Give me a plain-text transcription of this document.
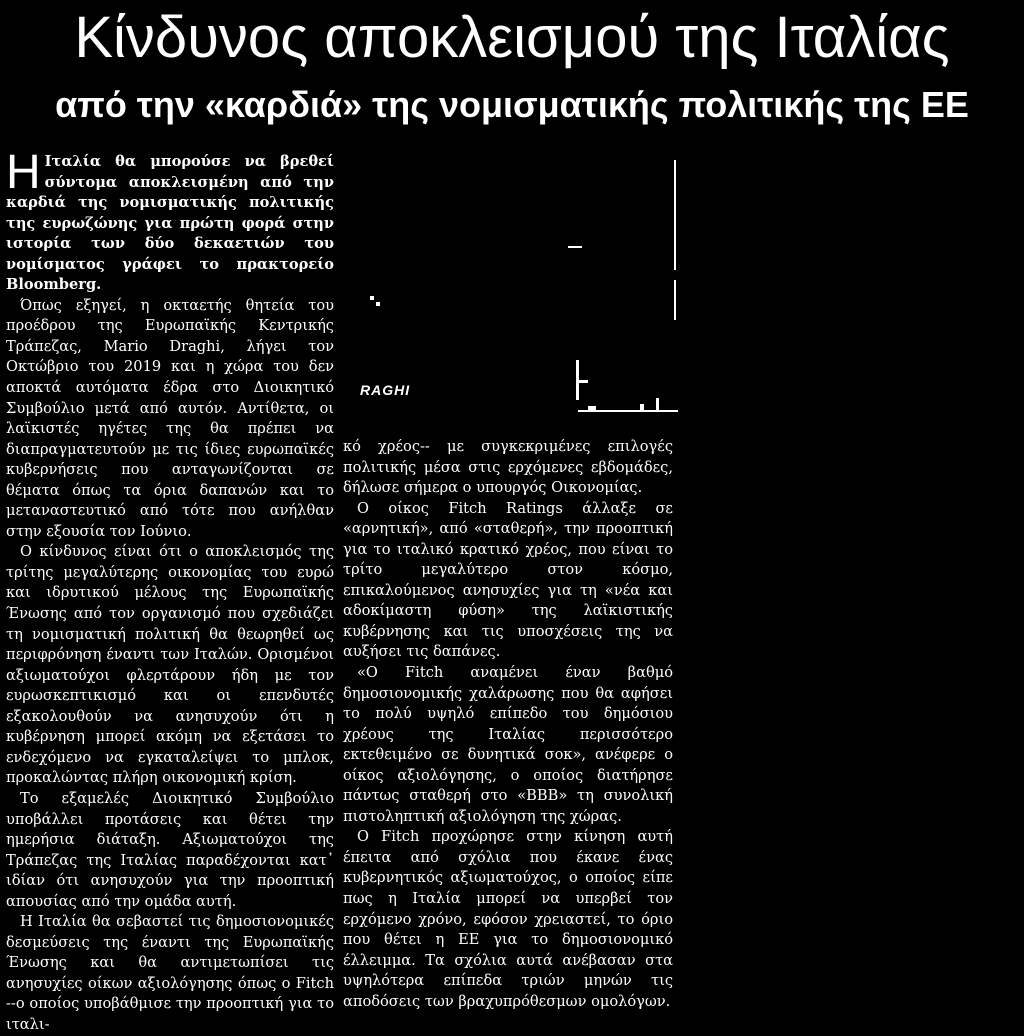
Κίνδυνος αποκλεισμού της Ιταλίας
από την «καρδιά» της νομισματικής πολιτικής της ΕΕ

Η Ιταλία θα μπορούσε να βρεθεί σύντομα αποκλεισμένη από την καρδιά της νομισματικής πολιτικής της ευρωζώνης για πρώτη φορά στην ιστορία των δύο δεκαετιών του νομίσματος γράφει το πρακτορείο Bloomberg.

Όπως εξηγεί, η οκταετής θητεία του προέδρου της Ευρωπαϊκής Κεντρικής Τράπεζας, Mario Draghi, λήγει τον Οκτώβριο του 2019 και η χώρα του δεν αποκτά αυτόματα έδρα στο Διοικητικό Συμβούλιο μετά από αυτόν. Αντίθετα, οι λαϊκιστές ηγέτες της θα πρέπει να διαπραγματευτούν με τις ίδιες ευρωπαϊκές κυβερνήσεις που ανταγωνίζονται σε θέματα όπως τα όρια δαπανών και το μεταναστευτικό από τότε που ανήλθαν στην εξουσία τον Ιούνιο.

Ο κίνδυνος είναι ότι ο αποκλεισμός της τρίτης μεγαλύτερης οικονομίας του ευρώ και ιδρυτικού μέλους της Ευρωπαϊκής Ένωσης από τον οργανισμό που σχεδιάζει τη νομισματική πολιτική θα θεωρηθεί ως περιφρόνηση έναντι των Ιταλών. Ορισμένοι αξιωματούχοι φλερτάρουν ήδη με τον ευρωσκεπτικισμό και οι επενδυτές εξακολουθούν να ανησυχούν ότι η κυβέρνηση μπορεί ακόμη να εξετάσει το ενδεχόμενο να εγκαταλείψει το μπλοκ, προκαλώντας πλήρη οικονομική κρίση.

Το εξαμελές Διοικητικό Συμβούλιο υποβάλλει προτάσεις και θέτει την ημερήσια διάταξη. Αξιωματούχοι της Τράπεζας της Ιταλίας παραδέχονται κατ᾽ ιδίαν ότι ανησυχούν για την προοπτική απουσίας από την ομάδα αυτή.

Η Ιταλία θα σεβαστεί τις δημοσιονομικές δεσμεύσεις της έναντι της Ευρωπαϊκής Ένωσης και θα αντιμετωπίσει τις ανησυχίες οίκων αξιολόγησης όπως ο Fitch --ο οποίος υποβάθμισε την προοπτική για το ιταλι-

RAGHI

κό χρέος-- με συγκεκριμένες επιλογές πολιτικής μέσα στις ερχόμενες εβδομάδες, δήλωσε σήμερα ο υπουργός Οικονομίας.

Ο οίκος Fitch Ratings άλλαξε σε «αρνητική», από «σταθερή», την προοπτική για το ιταλικό κρατικό χρέος, που είναι το τρίτο μεγαλύτερο στον κόσμο, επικαλούμενος ανησυχίες για τη «νέα και αδοκίμαστη φύση» της λαϊκιστικής κυβέρνησης και τις υποσχέσεις της να αυξήσει τις δαπάνες.

«Ο Fitch αναμένει έναν βαθμό δημοσιονομικής χαλάρωσης που θα αφήσει το πολύ υψηλό επίπεδο του δημόσιου χρέους της Ιταλίας περισσότερο εκτεθειμένο σε δυνητικά σοκ», ανέφερε ο οίκος αξιολόγησης, ο οποίος διατήρησε πάντως σταθερή στο «BBB» τη συνολική πιστοληπτική αξιολόγηση της χώρας.

Ο Fitch προχώρησε στην κίνηση αυτή έπειτα από σχόλια που έκανε ένας κυβερνητικός αξιωματούχος, ο οποίος είπε πως η Ιταλία μπορεί να υπερβεί τον ερχόμενο χρόνο, εφόσον χρειαστεί, το όριο που θέτει η ΕΕ για το δημοσιονομικό έλλειμμα. Τα σχόλια αυτά ανέβασαν στα υψηλότερα επίπεδα τριών μηνών τις αποδόσεις των βραχυπρόθεσμων ομολόγων.
